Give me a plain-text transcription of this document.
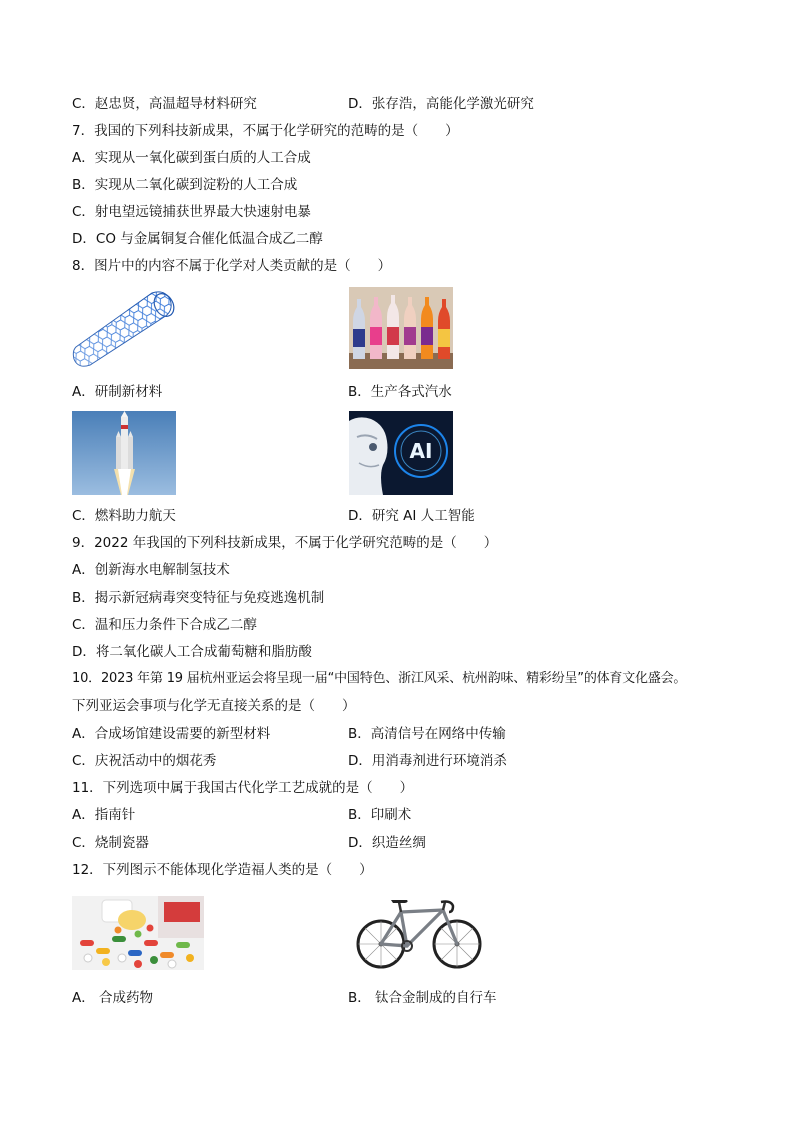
C．赵忠贤，高温超导材料研究	D．张存浩，高能化学激光研究
7．我国的下列科技新成果，不属于化学研究的范畴的是（　　）
A．实现从一氧化碳到蛋白质的人工合成
B．实现从二氧化碳到淀粉的人工合成
C．射电望远镜捕获世界最大快速射电暴
D．CO 与金属铜复合催化低温合成乙二醇
8．图片中的内容不属于化学对人类贡献的是（　　）
A．研制新材料	B．生产各式汽水
AI
C．燃料助力航天	D．研究 AI 人工智能
9．2022 年我国的下列科技新成果，不属于化学研究范畴的是（　　）
A．创新海水电解制氢技术
B．揭示新冠病毒突变特征与免疫逃逸机制
C．温和压力条件下合成乙二醇
D．将二氧化碳人工合成葡萄糖和脂肪酸
10．2023 年第 19 届杭州亚运会将呈现一届“中国特色、浙江风采、杭州韵味、精彩纷呈”的体育文化盛会。
下列亚运会事项与化学无直接关系的是（　　）
A．合成场馆建设需要的新型材料	B．高清信号在网络中传输
C．庆祝活动中的烟花秀	D．用消毒剂进行环境消杀
11．下列选项中属于我国古代化学工艺成就的是（　　）
A．指南针	B．印刷术
C．烧制瓷器	D．织造丝绸
12．下列图示不能体现化学造福人类的是（　　）
A． 合成药物	B． 钛合金制成的自行车
